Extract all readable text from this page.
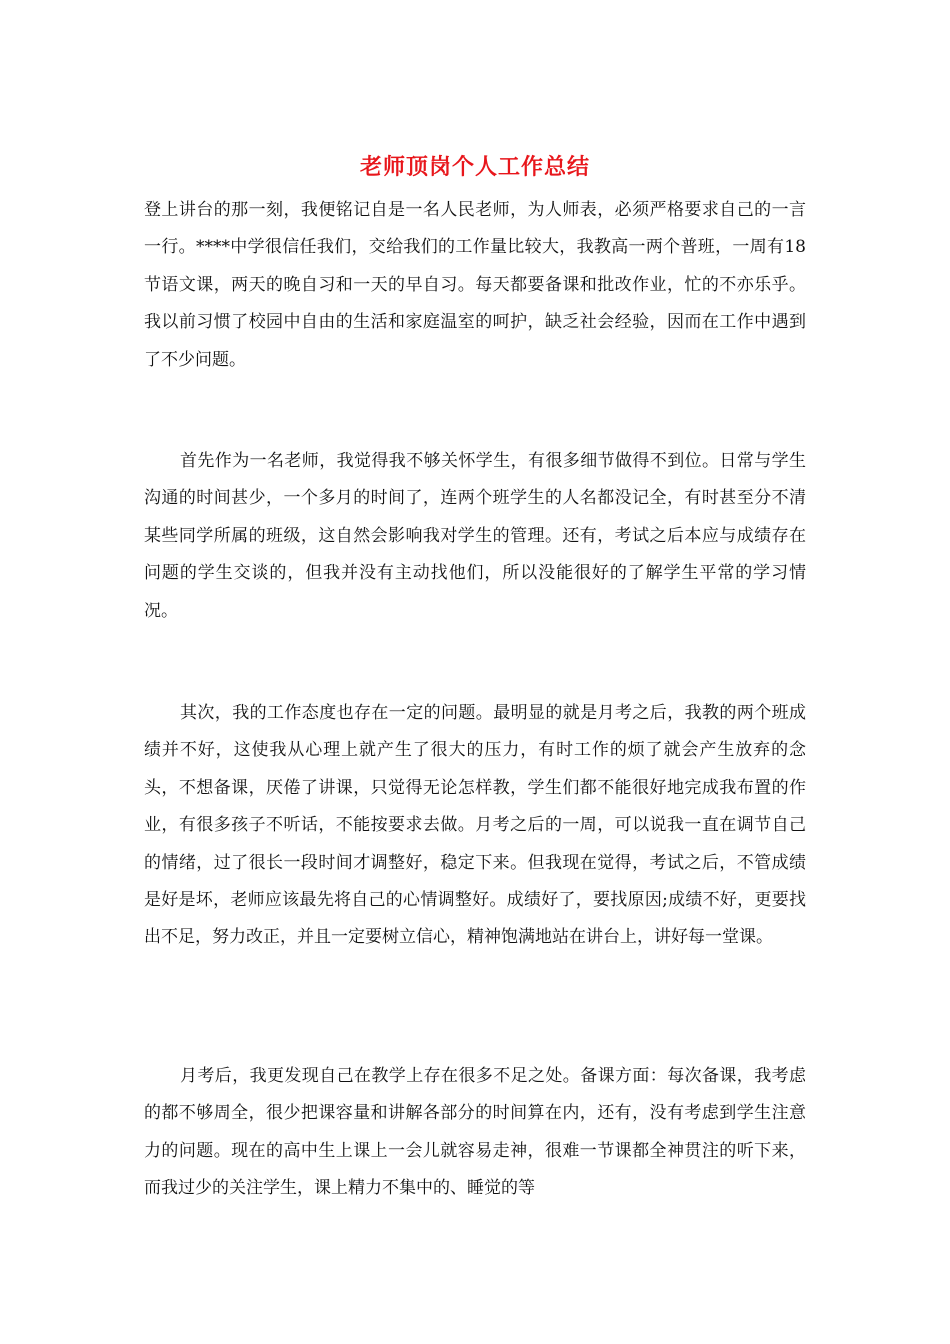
老师顶岗个人工作总结
登上讲台的那一刻，我便铭记自是一名人民老师，为人师表，必须严格要求自己的一言一行。****中学很信任我们，交给我们的工作量比较大，我教高一两个普班，一周有18节语文课，两天的晚自习和一天的早自习。每天都要备课和批改作业，忙的不亦乐乎。我以前习惯了校园中自由的生活和家庭温室的呵护，缺乏社会经验，因而在工作中遇到了不少问题。
首先作为一名老师，我觉得我不够关怀学生，有很多细节做得不到位。日常与学生沟通的时间甚少，一个多月的时间了，连两个班学生的人名都没记全，有时甚至分不清某些同学所属的班级，这自然会影响我对学生的管理。还有，考试之后本应与成绩存在问题的学生交谈的，但我并没有主动找他们，所以没能很好的了解学生平常的学习情况。
其次，我的工作态度也存在一定的问题。最明显的就是月考之后，我教的两个班成绩并不好，这使我从心理上就产生了很大的压力，有时工作的烦了就会产生放弃的念头，不想备课，厌倦了讲课，只觉得无论怎样教，学生们都不能很好地完成我布置的作业，有很多孩子不听话，不能按要求去做。月考之后的一周，可以说我一直在调节自己的情绪，过了很长一段时间才调整好，稳定下来。但我现在觉得，考试之后，不管成绩是好是坏，老师应该最先将自己的心情调整好。成绩好了，要找原因;成绩不好，更要找出不足，努力改正，并且一定要树立信心，精神饱满地站在讲台上，讲好每一堂课。
月考后，我更发现自己在教学上存在很多不足之处。备课方面：每次备课，我考虑的都不够周全，很少把课容量和讲解各部分的时间算在内，还有，没有考虑到学生注意力的问题。现在的高中生上课上一会儿就容易走神，很难一节课都全神贯注的听下来，而我过少的关注学生，课上精力不集中的、睡觉的等
